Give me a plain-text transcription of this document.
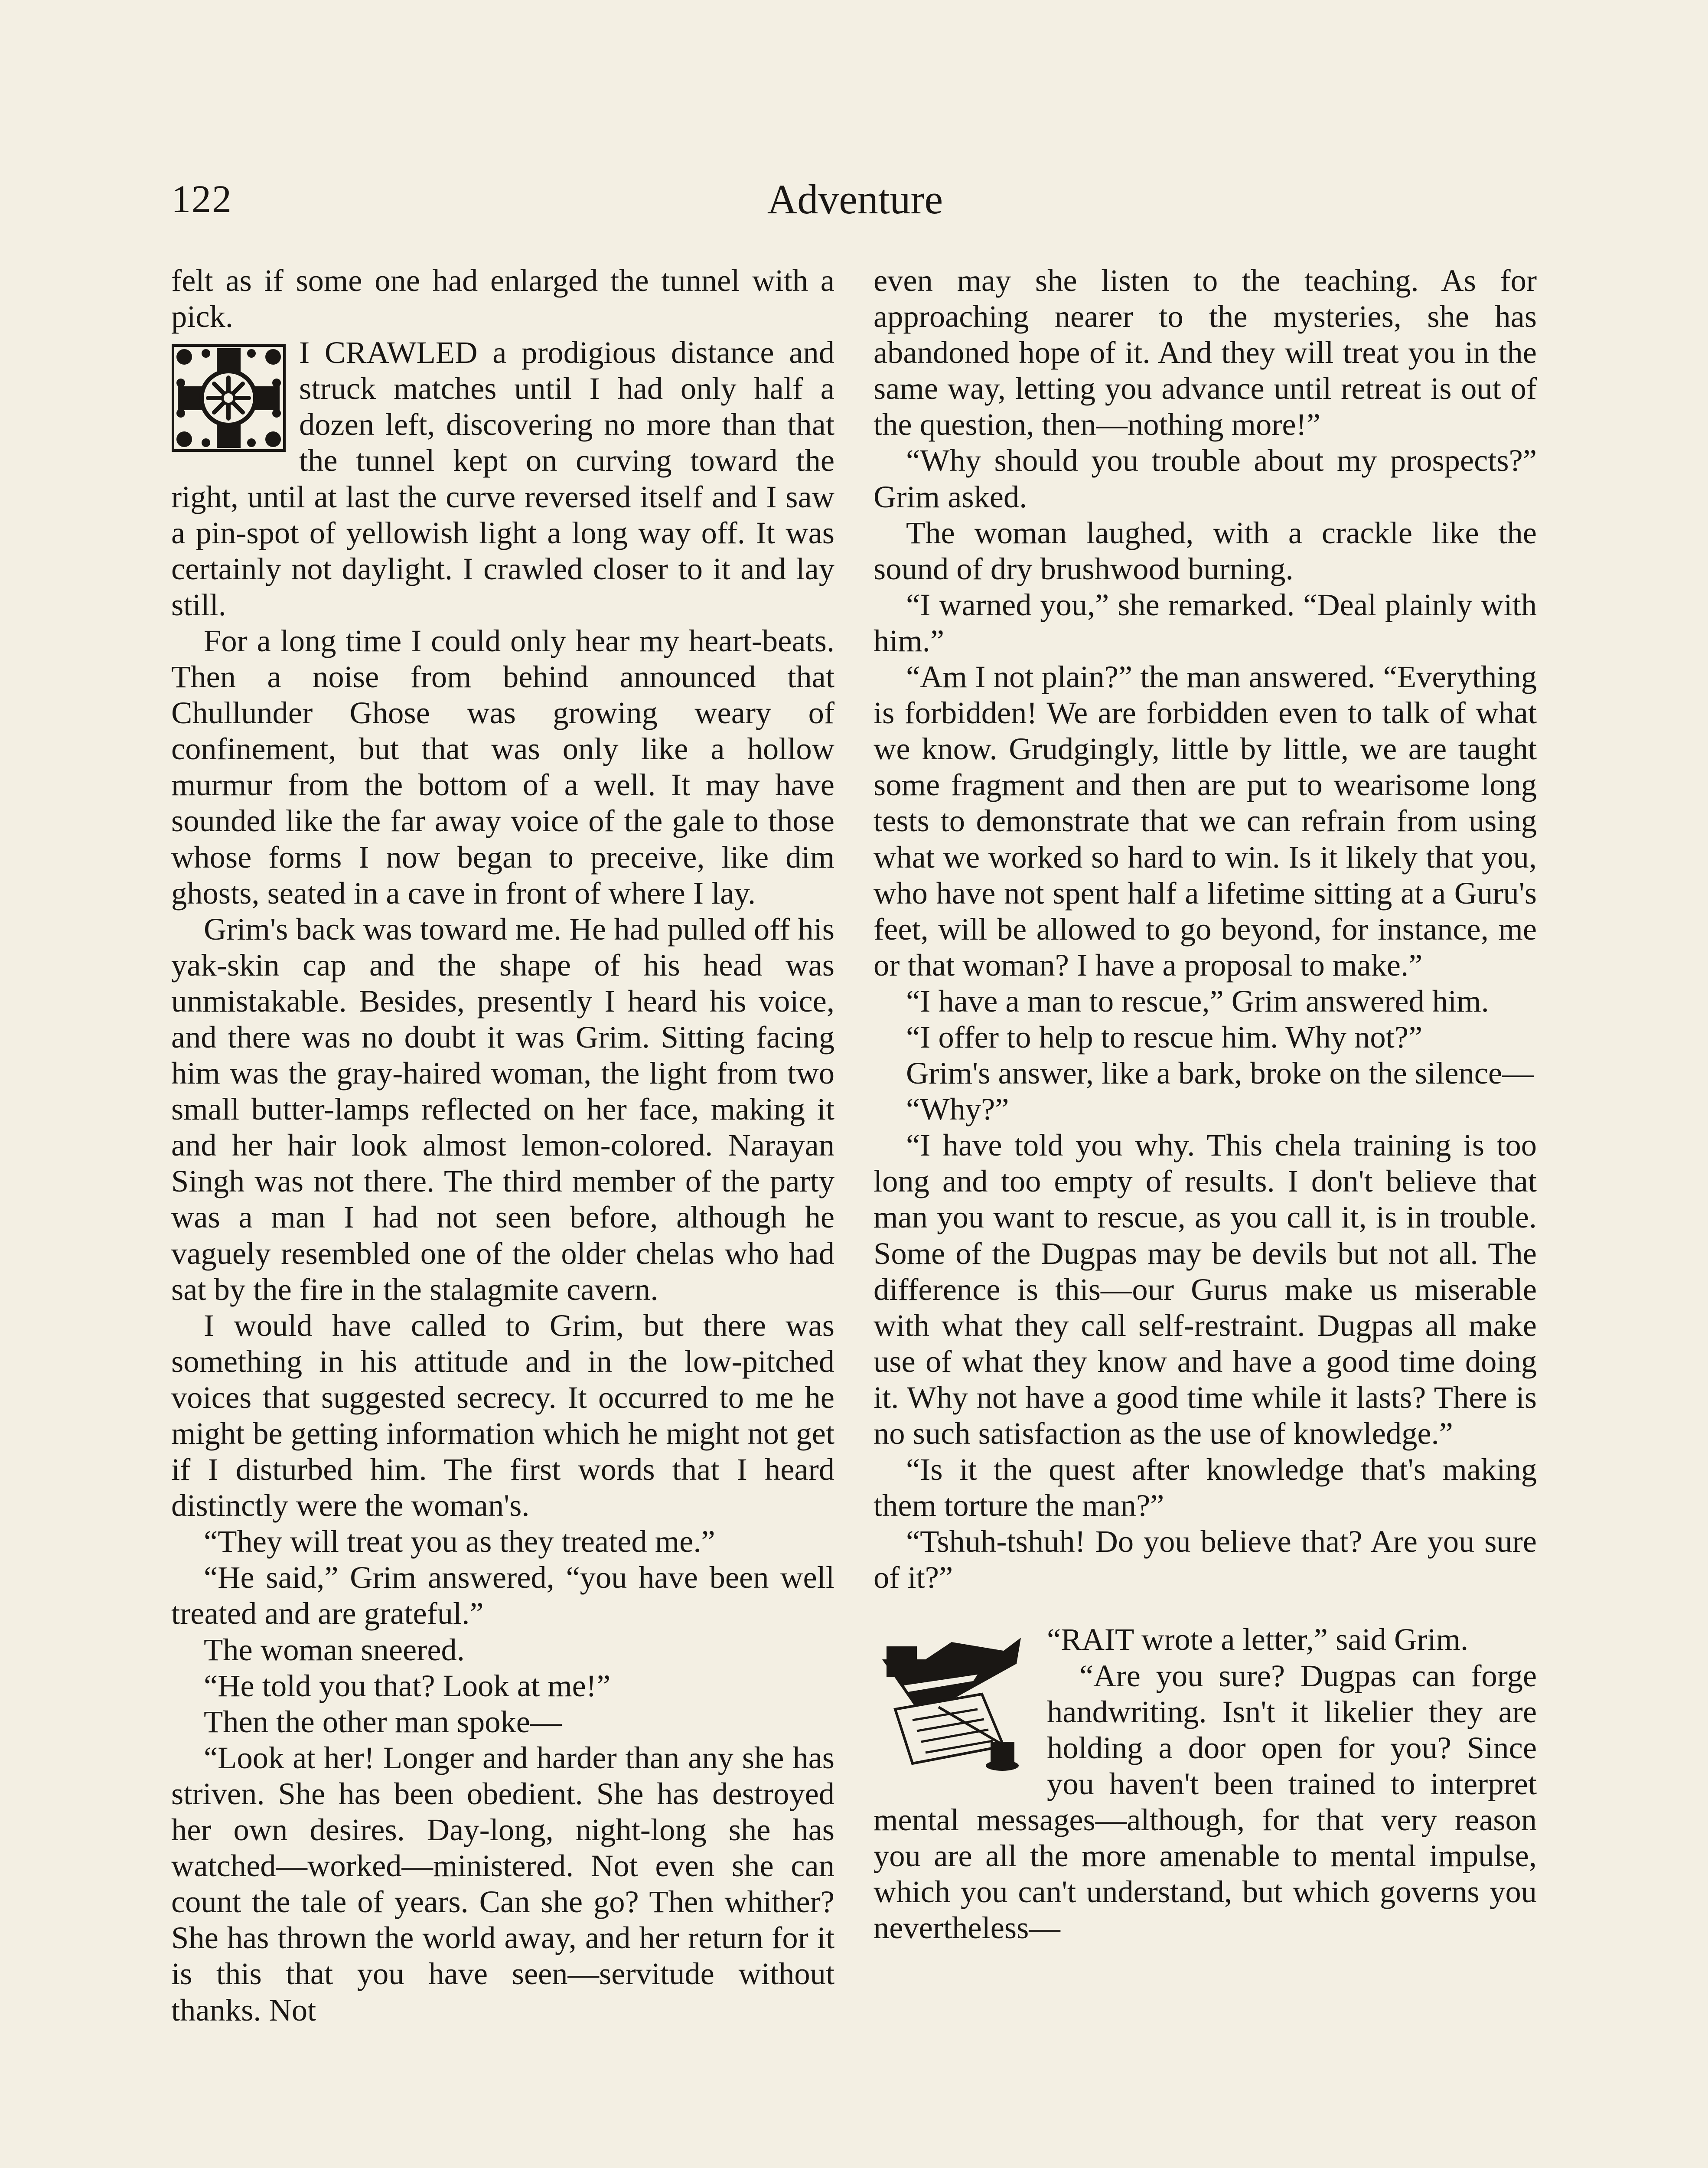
122	Adventure

felt as if some one had enlarged the tunnel with a pick.

I CRAWLED a prodigious distance and struck matches until I had only half a dozen left, discovering no more than that the tunnel kept on curving toward the right, until at last the curve reversed itself and I saw a pin-spot of yellowish light a long way off. It was certainly not daylight. I crawled closer to it and lay still.

For a long time I could only hear my heart-beats. Then a noise from behind announced that Chullunder Ghose was growing weary of confinement, but that was only like a hollow murmur from the bottom of a well. It may have sounded like the far away voice of the gale to those whose forms I now began to preceive, like dim ghosts, seated in a cave in front of where I lay.

Grim's back was toward me. He had pulled off his yak-skin cap and the shape of his head was unmistakable. Besides, presently I heard his voice, and there was no doubt it was Grim. Sitting facing him was the gray-haired woman, the light from two small butter-lamps reflected on her face, making it and her hair look almost lemon-colored. Narayan Singh was not there. The third member of the party was a man I had not seen before, although he vaguely resembled one of the older chelas who had sat by the fire in the stalagmite cavern.

I would have called to Grim, but there was something in his attitude and in the low-pitched voices that suggested secrecy. It occurred to me he might be getting information which he might not get if I disturbed him. The first words that I heard distinctly were the woman's.

“They will treat you as they treated me.”

“He said,” Grim answered, “you have been well treated and are grateful.”

The woman sneered.

“He told you that? Look at me!”

Then the other man spoke—

“Look at her! Longer and harder than any she has striven. She has been obedient. She has destroyed her own desires. Day-long, night-long she has watched—worked—ministered. Not even she can count the tale of years. Can she go? Then whither? She has thrown the world away, and her return for it is this that you have seen—servitude without thanks. Not

even may she listen to the teaching. As for approaching nearer to the mysteries, she has abandoned hope of it. And they will treat you in the same way, letting you advance until retreat is out of the question, then—nothing more!”

“Why should you trouble about my prospects?” Grim asked.

The woman laughed, with a crackle like the sound of dry brushwood burning.

“I warned you,” she remarked. “Deal plainly with him.”

“Am I not plain?” the man answered. “Everything is forbidden! We are forbidden even to talk of what we know. Grudgingly, little by little, we are taught some fragment and then are put to wearisome long tests to demonstrate that we can refrain from using what we worked so hard to win. Is it likely that you, who have not spent half a lifetime sitting at a Guru's feet, will be allowed to go beyond, for instance, me or that woman? I have a proposal to make.”

“I have a man to rescue,” Grim answered him.

“I offer to help to rescue him. Why not?”

Grim's answer, like a bark, broke on the silence—

“Why?”

“I have told you why. This chela training is too long and too empty of results. I don't believe that man you want to rescue, as you call it, is in trouble. Some of the Dugpas may be devils but not all. The difference is this—our Gurus make us miserable with what they call self-restraint. Dugpas all make use of what they know and have a good time doing it. Why not have a good time while it lasts? There is no such satisfaction as the use of knowledge.”

“Is it the quest after knowledge that's making them torture the man?”

“Tshuh-tshuh! Do you believe that? Are you sure of it?”

“RAIT wrote a letter,” said Grim.

“Are you sure? Dugpas can forge handwriting. Isn't it likelier they are holding a door open for you? Since you haven't been trained to interpret mental messages—although, for that very reason you are all the more amenable to mental impulse, which you can't understand, but which governs you nevertheless—
